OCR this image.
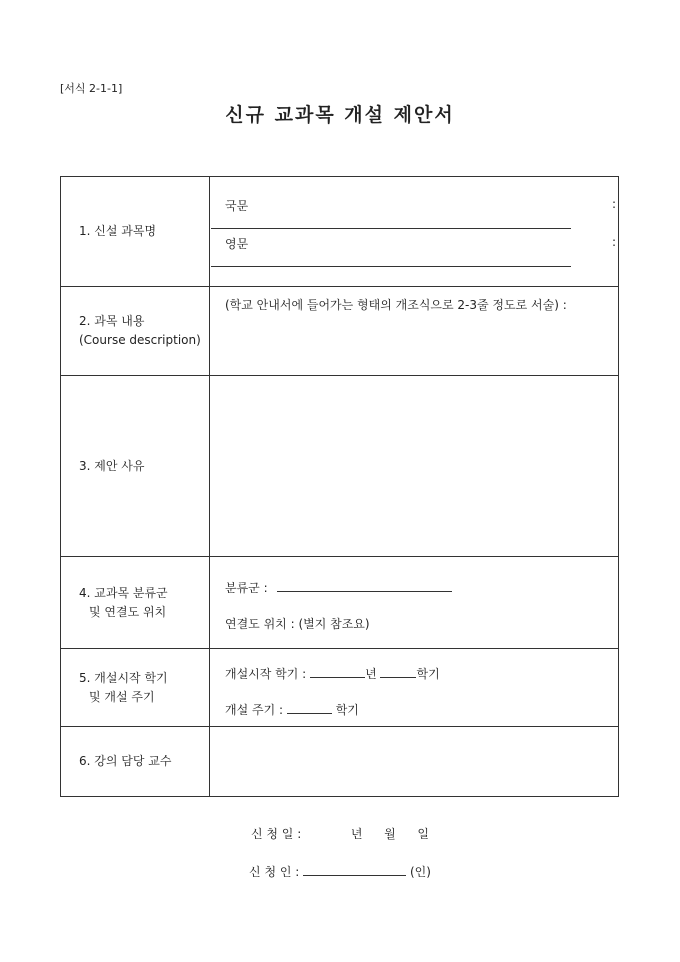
[서식 2-1-1]
신규 교과목 개설 제안서
1. 신설 과목명
국문	:
영문	:
2. 과목 내용
(Course description)
(학교 안내서에 들어가는 형태의 개조식으로 2-3줄 정도로 서술) :
3. 제안 사유
4. 교과목 분류군
및 연결도 위치
분류군 :
연결도 위치 : (별지 참조요)
5. 개설시작 학기
및 개설 주기
개설시작 학기 :	년	학기
개설 주기 :	학기
6. 강의 담당 교수
신 청 일 :	년 월 일
신 청 인 :	(인)
